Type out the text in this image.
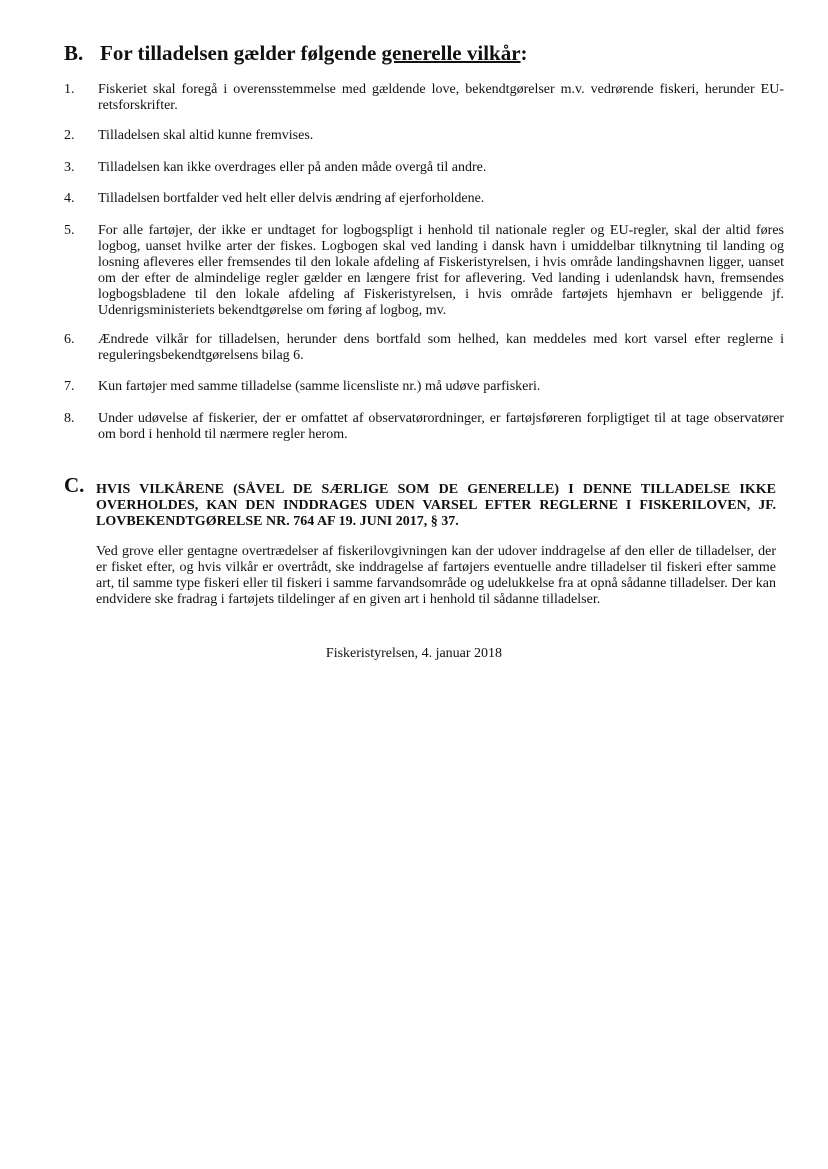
B. For tilladelsen gælder følgende generelle vilkår:
1.	Fiskeriet skal foregå i overensstemmelse med gældende love, bekendtgørelser m.v. vedrørende fiskeri, herunder EU-retsforskrifter.
2.	Tilladelsen skal altid kunne fremvises.
3.	Tilladelsen kan ikke overdrages eller på anden måde overgå til andre.
4.	Tilladelsen bortfalder ved helt eller delvis ændring af ejerforholdene.
5.	For alle fartøjer, der ikke er undtaget for logbogspligt i henhold til nationale regler og EU-regler, skal der altid føres logbog, uanset hvilke arter der fiskes. Logbogen skal ved landing i dansk havn i umiddelbar tilknytning til landing og losning afleveres eller fremsendes til den lokale afdeling af Fiskeristyrelsen, i hvis område landingshavnen ligger, uanset om der efter de almindelige regler gælder en længere frist for aflevering. Ved landing i udenlandsk havn, fremsendes logbogsbladene til den lokale afdeling af Fiskeristyrelsen, i hvis område fartøjets hjemhavn er beliggende jf. Udenrigsministeriets bekendtgørelse om føring af logbog, mv.
6.	Ændrede vilkår for tilladelsen, herunder dens bortfald som helhed, kan meddeles med kort varsel efter reglerne i reguleringsbekendtgørelsens bilag 6.
7.	Kun fartøjer med samme tilladelse (samme licensliste nr.) må udøve parfiskeri.
8.	Under udøvelse af fiskerier, der er omfattet af observatørordninger, er fartøjsføreren forpligtiget til at tage observatører om bord i henhold til nærmere regler herom.
C. HVIS VILKÅRENE (SÅVEL DE SÆRLIGE SOM DE GENERELLE) I DENNE TILLADELSE IKKE OVERHOLDES, KAN DEN INDDRAGES UDEN VARSEL EFTER REGLERNE I FISKERILOVEN, JF. LOVBEKENDTGØRELSE NR. 764 AF 19. JUNI 2017, § 37.
Ved grove eller gentagne overtrædelser af fiskerilovgivningen kan der udover inddragelse af den eller de tilladelser, der er fisket efter, og hvis vilkår er overtrådt, ske inddragelse af fartøjers eventuelle andre tilladelser til fiskeri efter samme art, til samme type fiskeri eller til fiskeri i samme farvandsområde og udelukkelse fra at opnå sådanne tilladelser. Der kan endvidere ske fradrag i fartøjets tildelinger af en given art i henhold til sådanne tilladelser.
Fiskeristyrelsen, 4. januar 2018
